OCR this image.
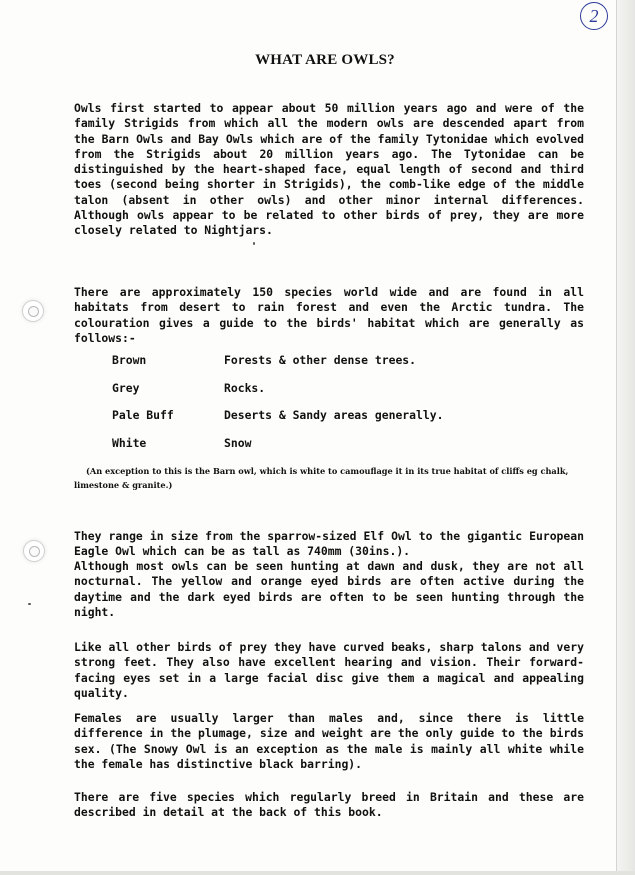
2
WHAT ARE OWLS?

Owls first started to appear about 50 million years ago and were of the family Strigids from which all the modern owls are descended apart from the Barn Owls and Bay Owls which are of the family Tytonidae which evolved from the Strigids about 20 million years ago. The Tytonidae can be distinguished by the heart-shaped face, equal length of second and third toes (second being shorter in Strigids), the comb-like edge of the middle talon (absent in other owls) and other minor internal differences. Although owls appear to be related to other birds of prey, they are more closely related to Nightjars.

There are approximately 150 species world wide and are found in all habitats from desert to rain forest and even the Arctic tundra. The colouration gives a guide to the birds' habitat which are generally as follows:-

Brown	Forests & other dense trees.
Grey	Rocks.
Pale Buff	Deserts & Sandy areas generally.
White	Snow

(An exception to this is the Barn owl, which is white to camouflage it in its true habitat of cliffs eg chalk, limestone & granite.)

They range in size from the sparrow-sized Elf Owl to the gigantic European Eagle Owl which can be as tall as 740mm (30ins.).

Although most owls can be seen hunting at dawn and dusk, they are not all nocturnal. The yellow and orange eyed birds are often active during the daytime and the dark eyed birds are often to be seen hunting through the night.

Like all other birds of prey they have curved beaks, sharp talons and very strong feet. They also have excellent hearing and vision. Their forward-facing eyes set in a large facial disc give them a magical and appealing quality.

Females are usually larger than males and, since there is little difference in the plumage, size and weight are the only guide to the birds sex. (The Snowy Owl is an exception as the male is mainly all white while the female has distinctive black barring).

There are five species which regularly breed in Britain and these are described in detail at the back of this book.
